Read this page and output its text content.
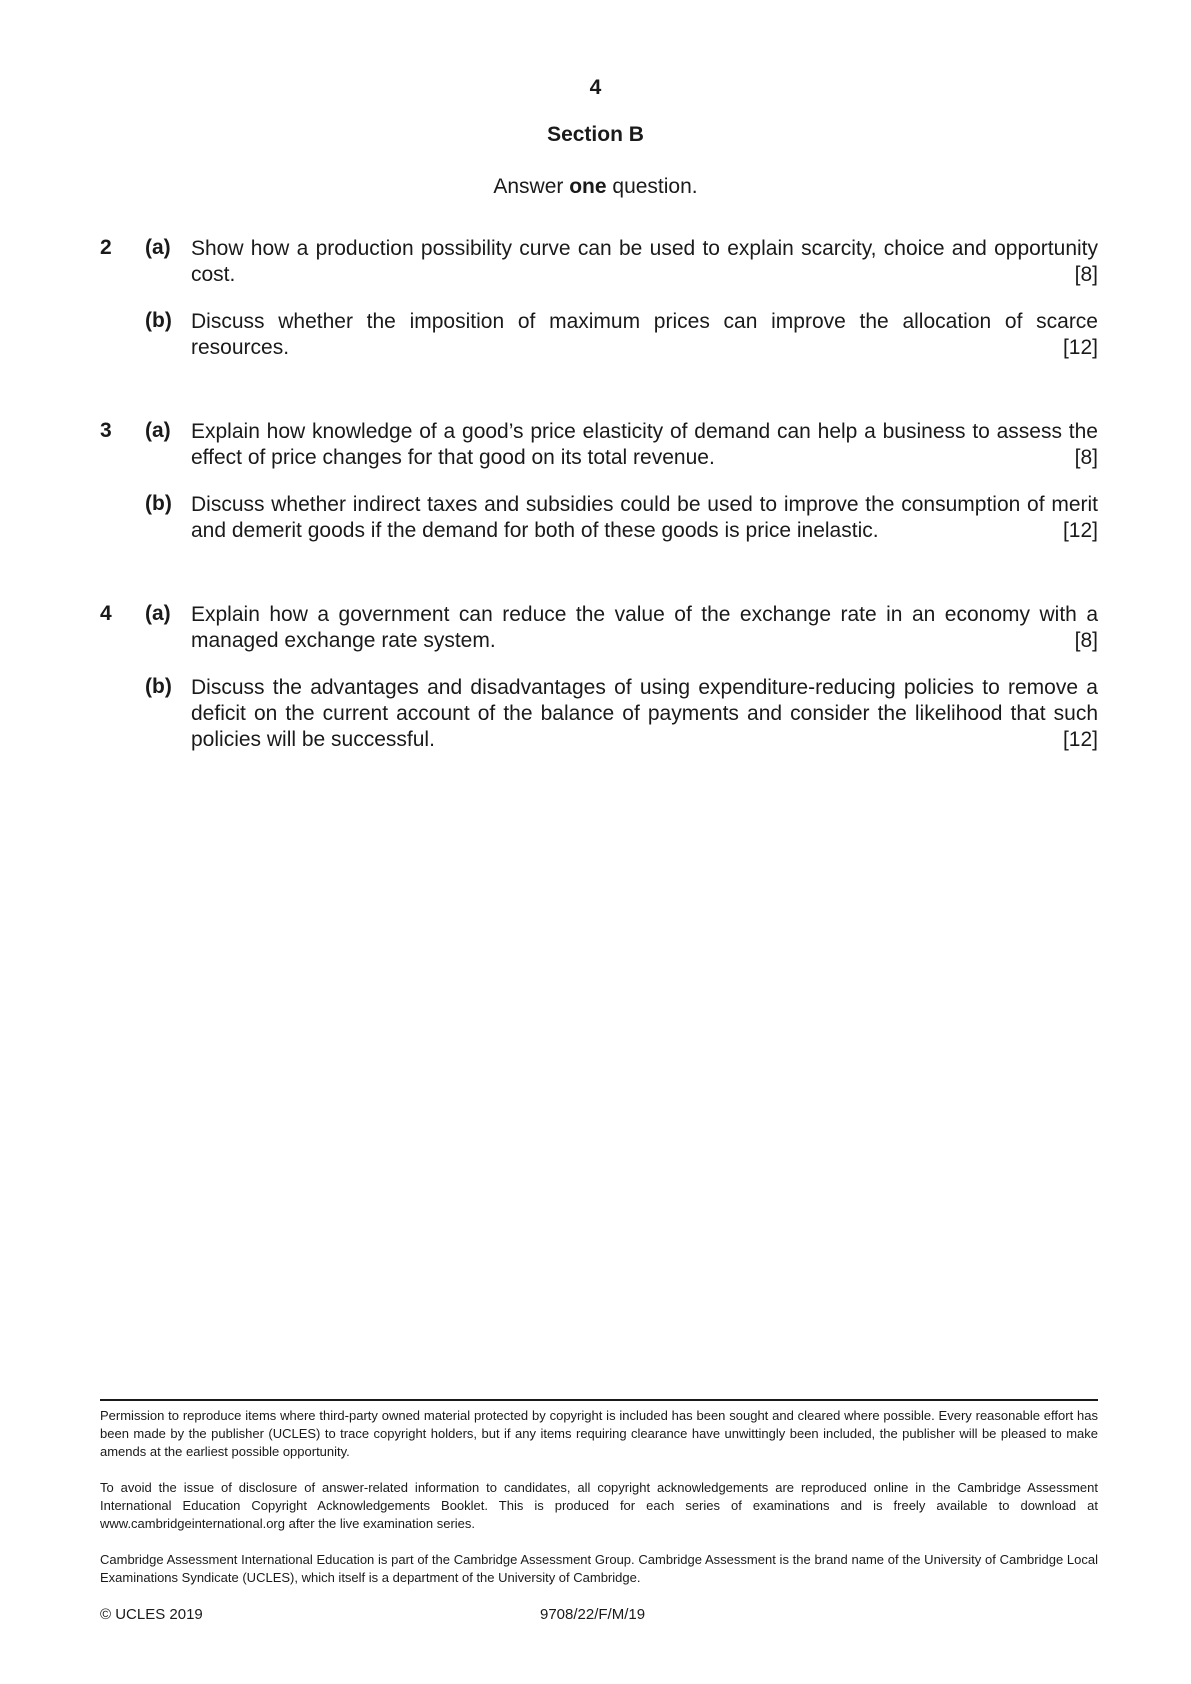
4
Section B
Answer one question.
2 (a) Show how a production possibility curve can be used to explain scarcity, choice and opportunity cost.	[8]
(b) Discuss whether the imposition of maximum prices can improve the allocation of scarce resources.	[12]
3 (a) Explain how knowledge of a good’s price elasticity of demand can help a business to assess the effect of price changes for that good on its total revenue.	[8]
(b) Discuss whether indirect taxes and subsidies could be used to improve the consumption of merit and demerit goods if the demand for both of these goods is price inelastic.	[12]
4 (a) Explain how a government can reduce the value of the exchange rate in an economy with a managed exchange rate system.	[8]
(b) Discuss the advantages and disadvantages of using expenditure-reducing policies to remove a deficit on the current account of the balance of payments and consider the likelihood that such policies will be successful.	[12]
Permission to reproduce items where third-party owned material protected by copyright is included has been sought and cleared where possible. Every reasonable effort has been made by the publisher (UCLES) to trace copyright holders, but if any items requiring clearance have unwittingly been included, the publisher will be pleased to make amends at the earliest possible opportunity.
To avoid the issue of disclosure of answer-related information to candidates, all copyright acknowledgements are reproduced online in the Cambridge Assessment International Education Copyright Acknowledgements Booklet. This is produced for each series of examinations and is freely available to download at www.cambridgeinternational.org after the live examination series.
Cambridge Assessment International Education is part of the Cambridge Assessment Group. Cambridge Assessment is the brand name of the University of Cambridge Local Examinations Syndicate (UCLES), which itself is a department of the University of Cambridge.
© UCLES 2019	9708/22/F/M/19
